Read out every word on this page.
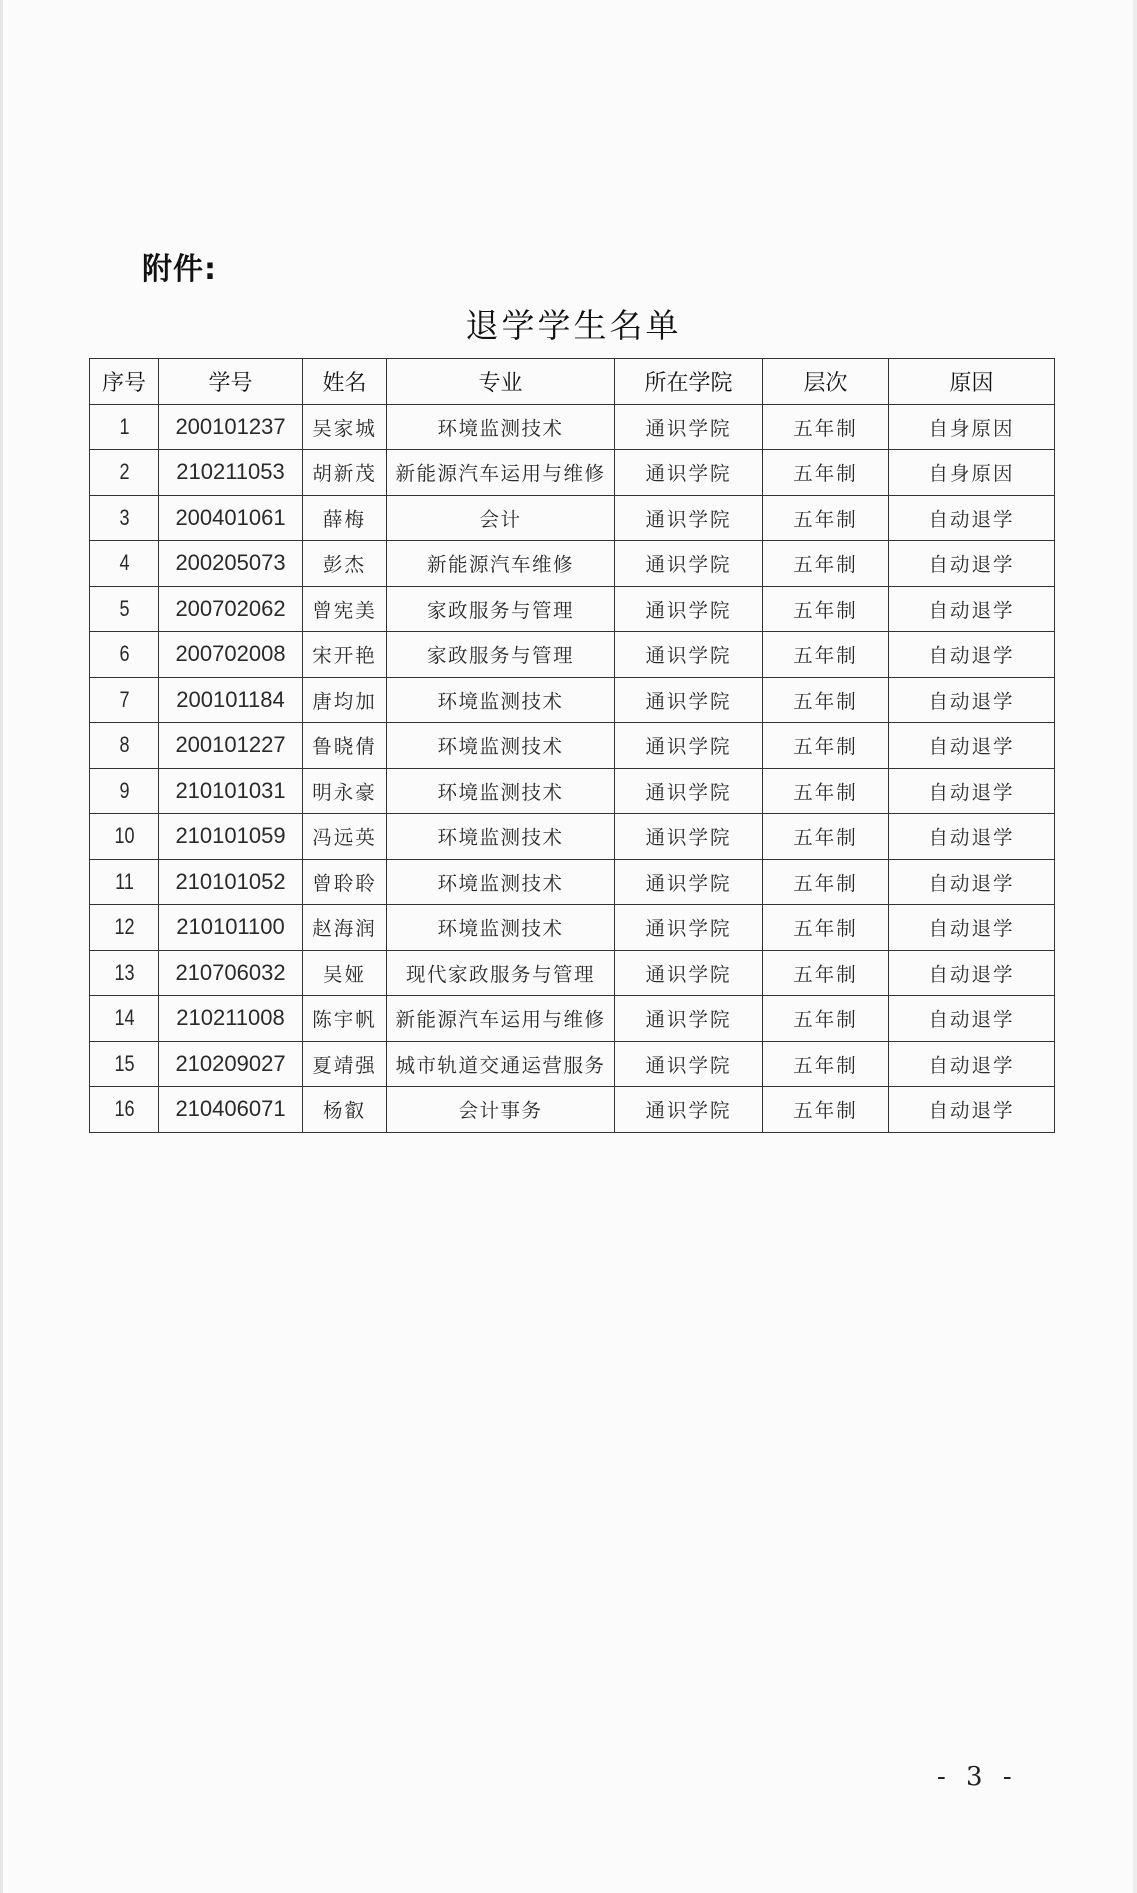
附件:
退学学生名单
序号	学号	姓名	专业	所在学院	层次	原因
1	200101237	吴家城	环境监测技术	通识学院	五年制	自身原因
2	210211053	胡新茂	新能源汽车运用与维修	通识学院	五年制	自身原因
3	200401061	薛梅	会计	通识学院	五年制	自动退学
4	200205073	彭杰	新能源汽车维修	通识学院	五年制	自动退学
5	200702062	曾宪美	家政服务与管理	通识学院	五年制	自动退学
6	200702008	宋开艳	家政服务与管理	通识学院	五年制	自动退学
7	200101184	唐均加	环境监测技术	通识学院	五年制	自动退学
8	200101227	鲁晓倩	环境监测技术	通识学院	五年制	自动退学
9	210101031	明永豪	环境监测技术	通识学院	五年制	自动退学
10	210101059	冯远英	环境监测技术	通识学院	五年制	自动退学
11	210101052	曾聆聆	环境监测技术	通识学院	五年制	自动退学
12	210101100	赵海润	环境监测技术	通识学院	五年制	自动退学
13	210706032	吴娅	现代家政服务与管理	通识学院	五年制	自动退学
14	210211008	陈宇帆	新能源汽车运用与维修	通识学院	五年制	自动退学
15	210209027	夏靖强	城市轨道交通运营服务	通识学院	五年制	自动退学
16	210406071	杨叡	会计事务	通识学院	五年制	自动退学
- 3 -
